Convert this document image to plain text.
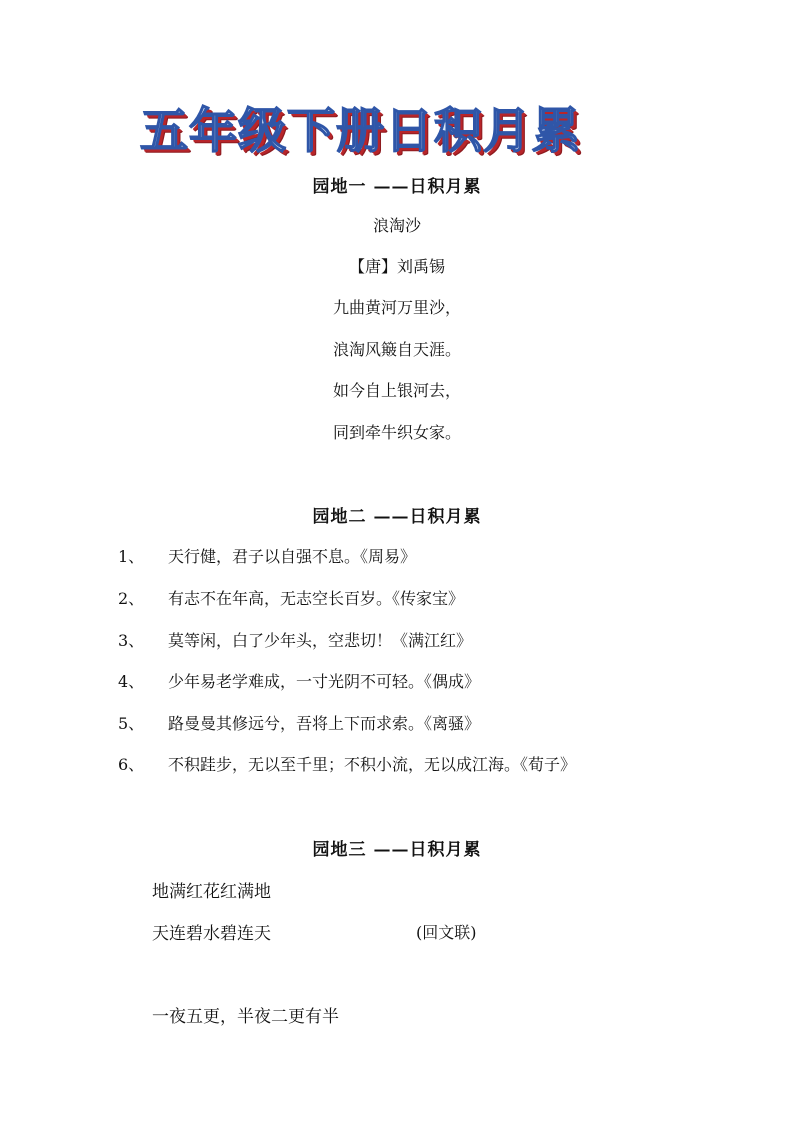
五年级下册日积月累
园地一 ——日积月累
浪淘沙
【唐】刘禹锡
九曲黄河万里沙，
浪淘风簸自天涯。
如今自上银河去，
同到牵牛织女家。
园地二 ——日积月累
1、 天行健，君子以自强不息。《周易》
2、 有志不在年高，无志空长百岁。《传家宝》
3、 莫等闲，白了少年头，空悲切！《满江红》
4、 少年易老学难成，一寸光阴不可轻。《偶成》
5、 路曼曼其修远兮，吾将上下而求索。《离骚》
6、 不积跬步，无以至千里；不积小流，无以成江海。《荀子》
园地三 ——日积月累
地满红花红满地
天连碧水碧连天	(回文联)
一夜五更，半夜二更有半
